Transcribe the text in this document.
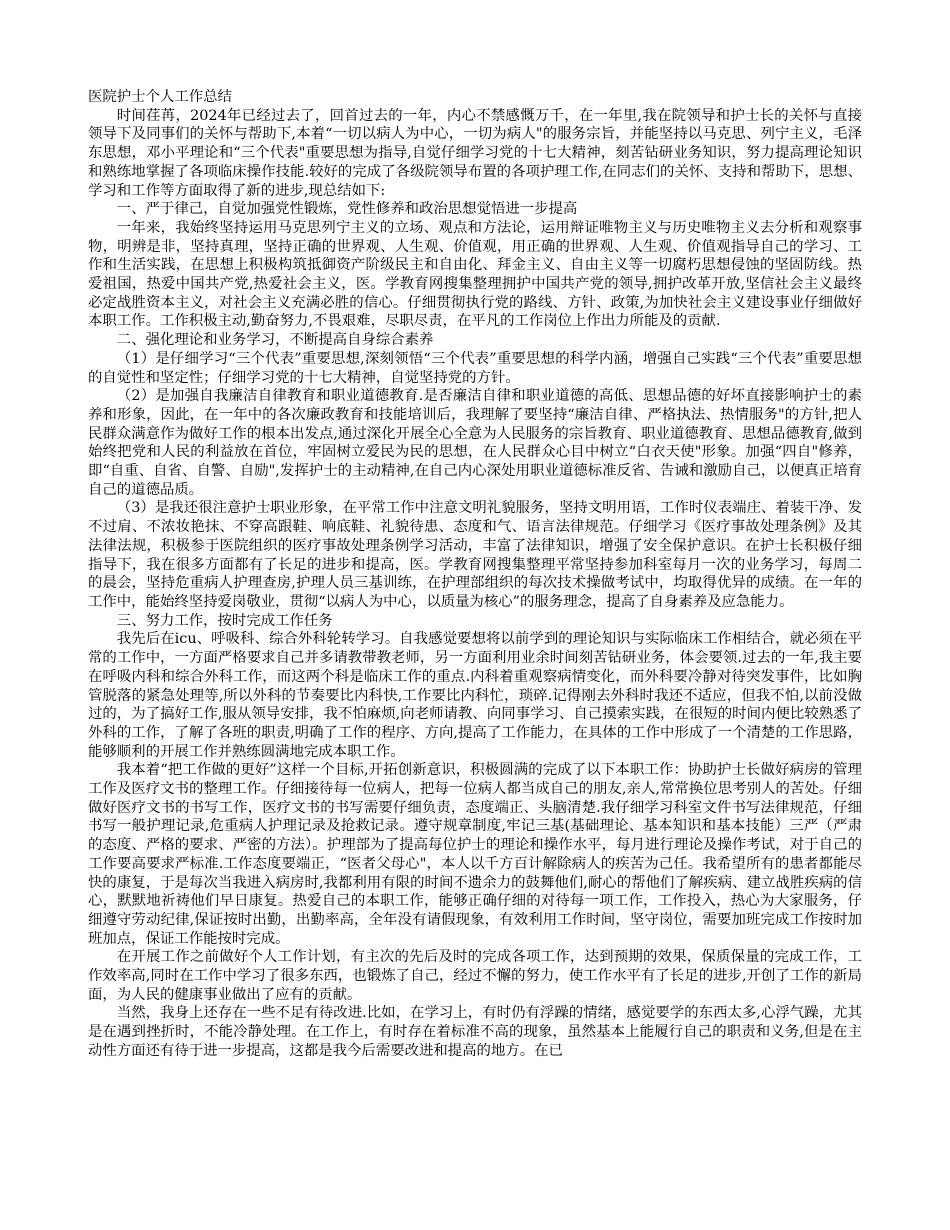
医院护士个人工作总结

时间荏苒，2024年已经过去了，回首过去的一年，内心不禁感慨万千，在一年里,我在院领导和护士长的关怀与直接领导下及同事们的关怀与帮助下,本着“一切以病人为中心，一切为病人"的服务宗旨，并能坚持以马克思、列宁主义，毛泽东思想，邓小平理论和“三个代表"重要思想为指导,自觉仔细学习党的十七大精神，刻苦钻研业务知识，努力提高理论知识和熟练地掌握了各项临床操作技能.较好的完成了各级院领导布置的各项护理工作,在同志们的关怀、支持和帮助下，思想、学习和工作等方面取得了新的进步,现总结如下:

一、严于律己，自觉加强党性锻炼，党性修养和政治思想觉悟进一步提高

一年来，我始终坚持运用马克思列宁主义的立场、观点和方法论，运用辩证唯物主义与历史唯物主义去分析和观察事物，明辨是非，坚持真理，坚持正确的世界观、人生观、价值观，用正确的世界观、人生观、价值观指导自己的学习、工作和生活实践，在思想上积极构筑抵御资产阶级民主和自由化、拜金主义、自由主义等一切腐朽思想侵蚀的坚固防线。热爱祖国，热爱中国共产党,热爱社会主义，医。学教育网搜集整理拥护中国共产党的领导,拥护改革开放,坚信社会主义最终必定战胜资本主义，对社会主义充满必胜的信心。仔细贯彻执行党的路线、方针、政策,为加快社会主义建设事业仔细做好本职工作。工作积极主动,勤奋努力,不畏艰难，尽职尽责，在平凡的工作岗位上作出力所能及的贡献.

二、强化理论和业务学习，不断提高自身综合素养

（1）是仔细学习“三个代表”重要思想,深刻领悟“三个代表”重要思想的科学内涵，增强自己实践“三个代表”重要思想的自觉性和坚定性；仔细学习党的十七大精神，自觉坚持党的方针。

（2）是加强自我廉洁自律教育和职业道德教育.是否廉洁自律和职业道德的高低、思想品德的好坏直接影响护士的素养和形象，因此，在一年中的各次廉政教育和技能培训后，我理解了要坚持“廉洁自律、严格执法、热情服务"的方针,把人民群众满意作为做好工作的根本出发点,通过深化开展全心全意为人民服务的宗旨教育、职业道德教育、思想品德教育,做到始终把党和人民的利益放在首位，牢固树立爱民为民的思想，在人民群众心目中树立“白衣天使"形象。加强“四自"修养，即“自重、自省、自警、自励",发挥护士的主动精神,在自己内心深处用职业道德标准反省、告诫和激励自己，以便真正培育自己的道德品质。

（3）是我还很注意护士职业形象，在平常工作中注意文明礼貌服务，坚持文明用语，工作时仪表端庄、着装干净、发不过肩、不浓妆艳抹、不穿高跟鞋、响底鞋、礼貌待患、态度和气、语言法律规范。仔细学习《医疗事故处理条例》及其法律法规，积极参于医院组织的医疗事故处理条例学习活动，丰富了法律知识，增强了安全保护意识。在护士长积极仔细指导下，我在很多方面都有了长足的进步和提高，医。学教育网搜集整理平常坚持参加科室每月一次的业务学习，每周二的晨会，坚持危重病人护理查房,护理人员三基训练，在护理部组织的每次技术操做考试中，均取得优异的成绩。在一年的工作中，能始终坚持爱岗敬业，贯彻“以病人为中心，以质量为核心”的服务理念，提高了自身素养及应急能力。

三、努力工作，按时完成工作任务

我先后在icu、呼吸科、综合外科轮转学习。自我感觉要想将以前学到的理论知识与实际临床工作相结合，就必须在平常的工作中，一方面严格要求自己并多请教带教老师，另一方面利用业余时间刻苦钻研业务，体会要领.过去的一年,我主要在呼吸内科和综合外科工作，而这两个科是临床工作的重点.内科着重观察病情变化，而外科要冷静对待突发事件，比如胸管脱落的紧急处理等,所以外科的节奏要比内科快,工作要比内科忙，琐碎.记得刚去外科时我还不适应，但我不怕,以前没做过的，为了搞好工作,服从领导安排，我不怕麻烦,向老师请教、向同事学习、自己摸索实践，在很短的时间内便比较熟悉了外科的工作，了解了各班的职责,明确了工作的程序、方向,提高了工作能力，在具体的工作中形成了一个清楚的工作思路，能够顺利的开展工作并熟练圆满地完成本职工作。

我本着“把工作做的更好”这样一个目标,开拓创新意识，积极圆满的完成了以下本职工作：协助护士长做好病房的管理工作及医疗文书的整理工作。仔细接待每一位病人，把每一位病人都当成自己的朋友,亲人,常常换位思考别人的苦处。仔细做好医疗文书的书写工作，医疗文书的书写需要仔细负责，态度端正、头脑清楚.我仔细学习科室文件书写法律规范，仔细书写一般护理记录,危重病人护理记录及抢救记录。遵守规章制度,牢记三基(基础理论、基本知识和基本技能）三严（严肃的态度、严格的要求、严密的方法）。护理部为了提高每位护士的理论和操作水平，每月进行理论及操作考试，对于自己的工作要高要求严标准.工作态度要端正，“医者父母心"，本人以千方百计解除病人的疾苦为己任。我希望所有的患者都能尽快的康复，于是每次当我进入病房时,我都利用有限的时间不遗余力的鼓舞他们,耐心的帮他们了解疾病、建立战胜疾病的信心，默默地祈祷他们早日康复。热爱自己的本职工作，能够正确仔细的对待每一项工作，工作投入，热心为大家服务，仔细遵守劳动纪律,保证按时出勤，出勤率高，全年没有请假现象，有效利用工作时间，坚守岗位，需要加班完成工作按时加班加点，保证工作能按时完成。

在开展工作之前做好个人工作计划，有主次的先后及时的完成各项工作，达到预期的效果，保质保量的完成工作，工作效率高,同时在工作中学习了很多东西，也锻炼了自己，经过不懈的努力，使工作水平有了长足的进步,开创了工作的新局面，为人民的健康事业做出了应有的贡献。

当然，我身上还存在一些不足有待改进.比如，在学习上，有时仍有浮躁的情绪，感觉要学的东西太多,心浮气躁，尤其是在遇到挫折时，不能冷静处理。在工作上，有时存在着标准不高的现象，虽然基本上能履行自己的职责和义务,但是在主动性方面还有待于进一步提高，这都是我今后需要改进和提高的地方。在已
